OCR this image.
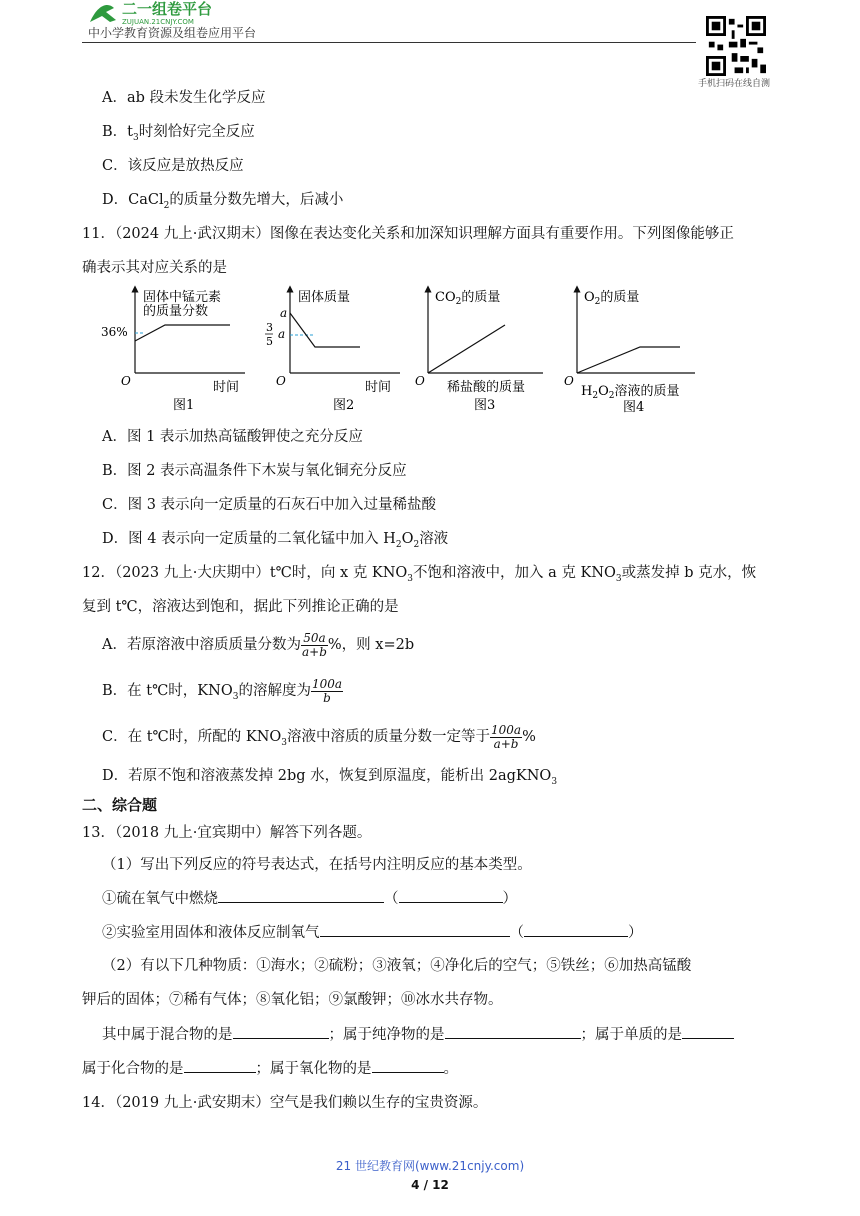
二一组卷平台
ZUJUAN.21CNJY.COM
中小学教育资源及组卷应用平台
手机扫码在线自测
A．ab 段未发生化学反应
B．$t_3$时刻恰好完全反应
C．该反应是放热反应
D．CaCl$_2$的质量分数先增大，后减小
11．（2024 九上·武汉期末）图像在表达变化关系和加深知识理解方面具有重要作用。下列图像能够正
确表示其对应关系的是
固体中锰元素
的质量分数
36%
O	时间
图1
固体质量
a
3
5
a
O	时间
图2
$CO_2$的质量
O 稀盐酸的质量
图3
$O_2$的质量
O
$H_2O_2$溶液的质量
图4
A．图 1 表示加热高锰酸钾使之充分反应
B．图 2 表示高温条件下木炭与氧化铜充分反应
C．图 3 表示向一定质量的石灰石中加入过量稀盐酸
D．图 4 表示向一定质量的二氧化锰中加入 $H_2O_2$溶液
12．（2023 九上·大庆期中）t℃时，向 x 克 $KNO_3$不饱和溶液中，加入 a 克 $KNO_3$或蒸发掉 b 克水，恢
复到 t℃，溶液达到饱和，据此下列推论正确的是
A．若原溶液中溶质质量分数为 $\frac{50a}{a+b}$ %，则 x=2b
B．在 t℃时，$KNO_3$的溶解度为 $\frac{100a}{b}$
C．在 t℃时，所配的 $KNO_3$溶液中溶质的质量分数一定等于 $\frac{100a}{a+b}$ %
D．若原不饱和溶液蒸发掉 2bg 水，恢复到原温度，能析出 2agKNO$_3$
二、综合题
13．（2018 九上·宜宾期中）解答下列各题。
（1）写出下列反应的符号表达式，在括号内注明反应的基本类型。
①硫在氧气中燃烧	（	）
②实验室用固体和液体反应制氧气	（	）
（2）有以下几种物质：①海水；②硫粉；③液氧；④净化后的空气；⑤铁丝；⑥加热高锰酸
钾后的固体；⑦稀有气体；⑧氧化铝；⑨氯酸钾；⑩冰水共存物。
其中属于混合物的是	；属于纯净物的是	；属于单质的是
属于化合物的是	；属于氧化物的是	。
14．（2019 九上·武安期末）空气是我们赖以生存的宝贵资源。
21 世纪教育网(www.21cnjy.com)
4 / 12
